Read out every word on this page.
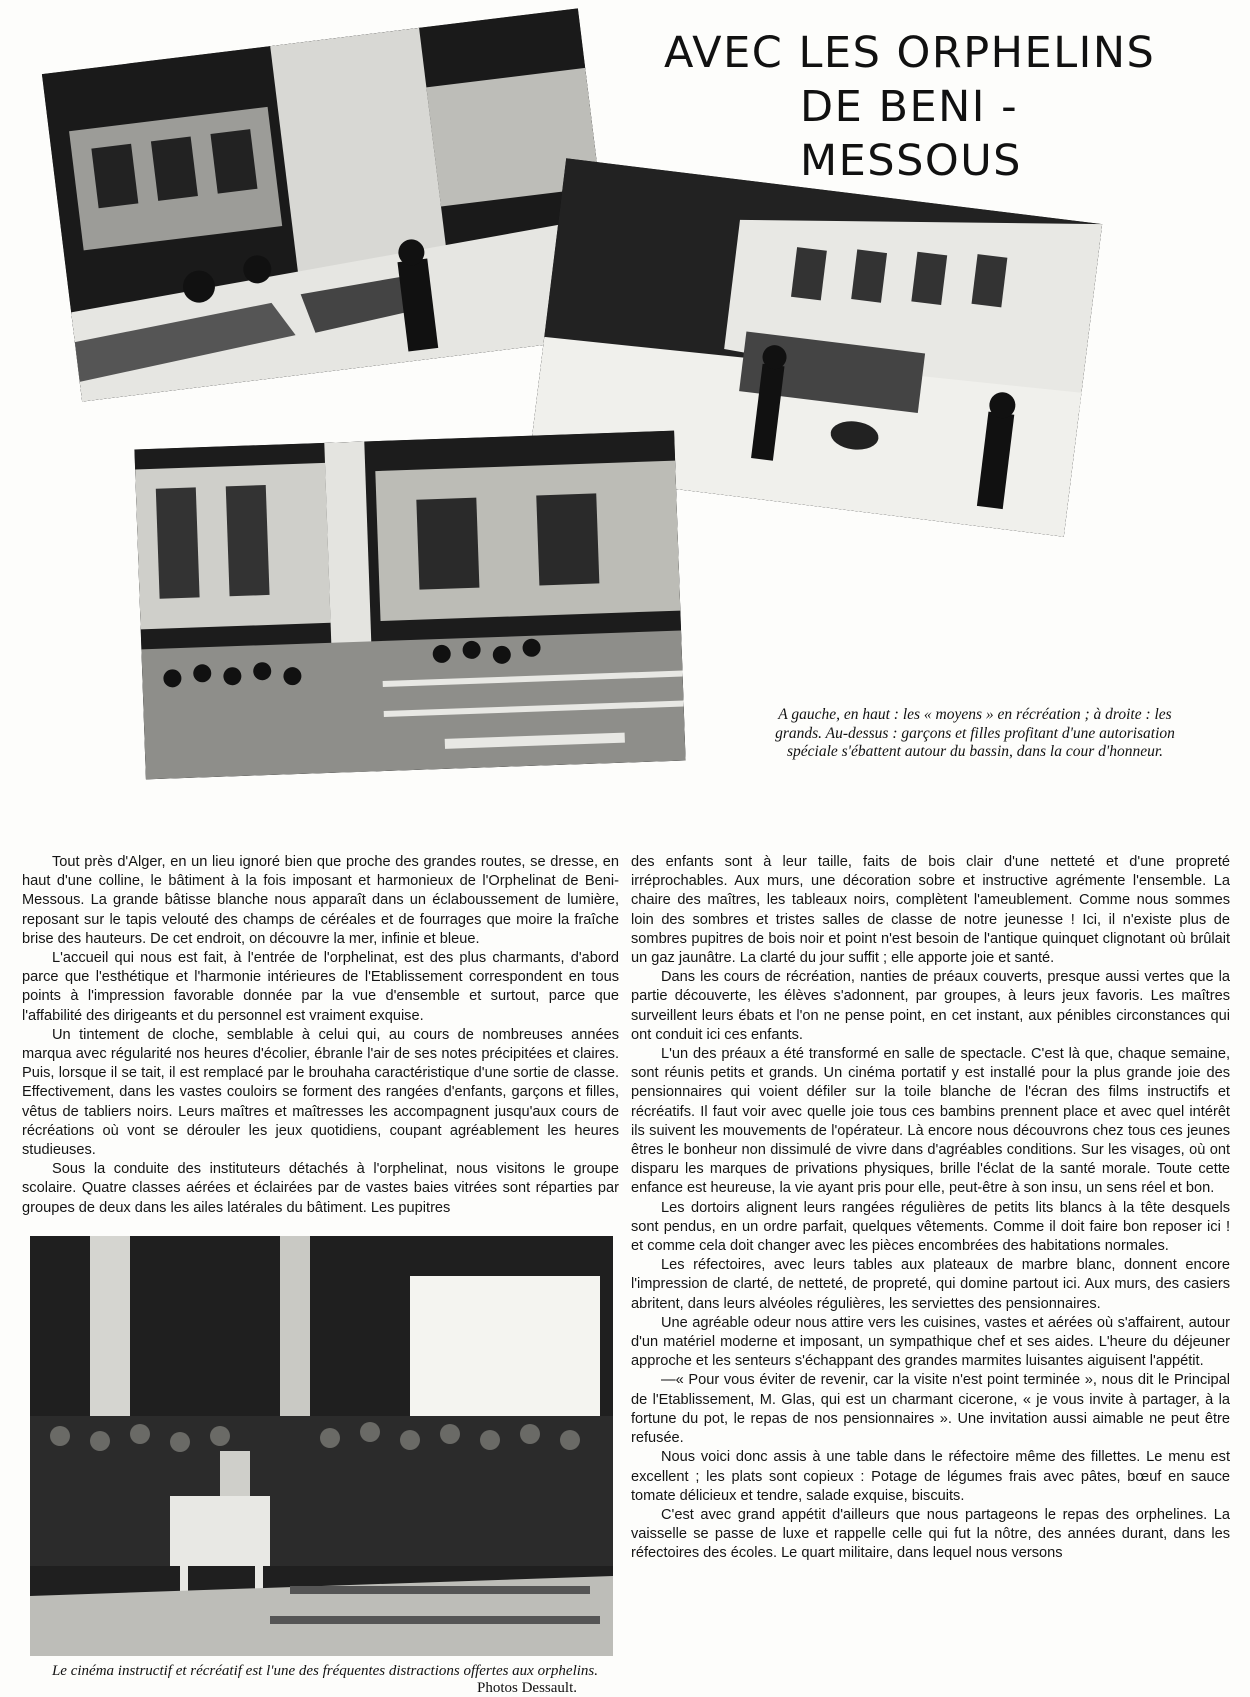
AVEC LES ORPHELINS
DE BENI - MESSOUS
A gauche, en haut : les « moyens » en récréation ; à droite : les grands. Au-dessus : garçons et filles profitant d'une autorisation spéciale s'ébattent autour du bassin, dans la cour d'honneur.

Tout près d'Alger, en un lieu ignoré bien que proche des grandes routes, se dresse, en haut d'une colline, le bâtiment à la fois imposant et harmonieux de l'Orphelinat de Beni-Messous. La grande bâtisse blanche nous apparaît dans un éclaboussement de lumière, reposant sur le tapis velouté des champs de céréales et de fourrages que moire la fraîche brise des hauteurs. De cet endroit, on découvre la mer, infinie et bleue.

L'accueil qui nous est fait, à l'entrée de l'orphelinat, est des plus charmants, d'abord parce que l'esthétique et l'harmonie intérieures de l'Etablissement correspondent en tous points à l'impression favorable donnée par la vue d'ensemble et surtout, parce que l'affabilité des dirigeants et du personnel est vraiment exquise.

Un tintement de cloche, semblable à celui qui, au cours de nombreuses années marqua avec régularité nos heures d'écolier, ébranle l'air de ses notes précipitées et claires. Puis, lorsque il se tait, il est remplacé par le brouhaha caractéristique d'une sortie de classe. Effectivement, dans les vastes couloirs se forment des rangées d'enfants, garçons et filles, vêtus de tabliers noirs. Leurs maîtres et maîtresses les accompagnent jusqu'aux cours de récréations où vont se dérouler les jeux quotidiens, coupant agréablement les heures studieuses.

Sous la conduite des instituteurs détachés à l'orphelinat, nous visitons le groupe scolaire. Quatre classes aérées et éclairées par de vastes baies vitrées sont réparties par groupes de deux dans les ailes latérales du bâtiment. Les pupitres

Le cinéma instructif et récréatif est l'une des fréquentes distractions offertes aux orphelins.
Photos Dessault.

des enfants sont à leur taille, faits de bois clair d'une netteté et d'une propreté irréprochables. Aux murs, une décoration sobre et instructive agrémente l'ensemble. La chaire des maîtres, les tableaux noirs, complètent l'ameublement. Comme nous sommes loin des sombres et tristes salles de classe de notre jeunesse ! Ici, il n'existe plus de sombres pupitres de bois noir et point n'est besoin de l'antique quinquet clignotant où brûlait un gaz jaunâtre. La clarté du jour suffit ; elle apporte joie et santé.

Dans les cours de récréation, nanties de préaux couverts, presque aussi vertes que la partie découverte, les élèves s'adonnent, par groupes, à leurs jeux favoris. Les maîtres surveillent leurs ébats et l'on ne pense point, en cet instant, aux pénibles circonstances qui ont conduit ici ces enfants.

L'un des préaux a été transformé en salle de spectacle. C'est là que, chaque semaine, sont réunis petits et grands. Un cinéma portatif y est installé pour la plus grande joie des pensionnaires qui voient défiler sur la toile blanche de l'écran des films instructifs et récréatifs. Il faut voir avec quelle joie tous ces bambins prennent place et avec quel intérêt ils suivent les mouvements de l'opérateur. Là encore nous découvrons chez tous ces jeunes êtres le bonheur non dissimulé de vivre dans d'agréables conditions. Sur les visages, où ont disparu les marques de privations physiques, brille l'éclat de la santé morale. Toute cette enfance est heureuse, la vie ayant pris pour elle, peut-être à son insu, un sens réel et bon.

Les dortoirs alignent leurs rangées régulières de petits lits blancs à la tête desquels sont pendus, en un ordre parfait, quelques vêtements. Comme il doit faire bon reposer ici ! et comme cela doit changer avec les pièces encombrées des habitations normales.

Les réfectoires, avec leurs tables aux plateaux de marbre blanc, donnent encore l'impression de clarté, de netteté, de propreté, qui domine partout ici. Aux murs, des casiers abritent, dans leurs alvéoles régulières, les serviettes des pensionnaires.

Une agréable odeur nous attire vers les cuisines, vastes et aérées où s'affairent, autour d'un matériel moderne et imposant, un sympathique chef et ses aides. L'heure du déjeuner approche et les senteurs s'échappant des grandes marmites luisantes aiguisent l'appétit.

—« Pour vous éviter de revenir, car la visite n'est point terminée », nous dit le Principal de l'Etablissement, M. Glas, qui est un charmant cicerone, « je vous invite à partager, à la fortune du pot, le repas de nos pensionnaires ». Une invitation aussi aimable ne peut être refusée.

Nous voici donc assis à une table dans le réfectoire même des fillettes. Le menu est excellent ; les plats sont copieux : Potage de légumes frais avec pâtes, bœuf en sauce tomate délicieux et tendre, salade exquise, biscuits.

C'est avec grand appétit d'ailleurs que nous partageons le repas des orphelines. La vaisselle se passe de luxe et rappelle celle qui fut la nôtre, des années durant, dans les réfectoires des écoles. Le quart militaire, dans lequel nous versons
